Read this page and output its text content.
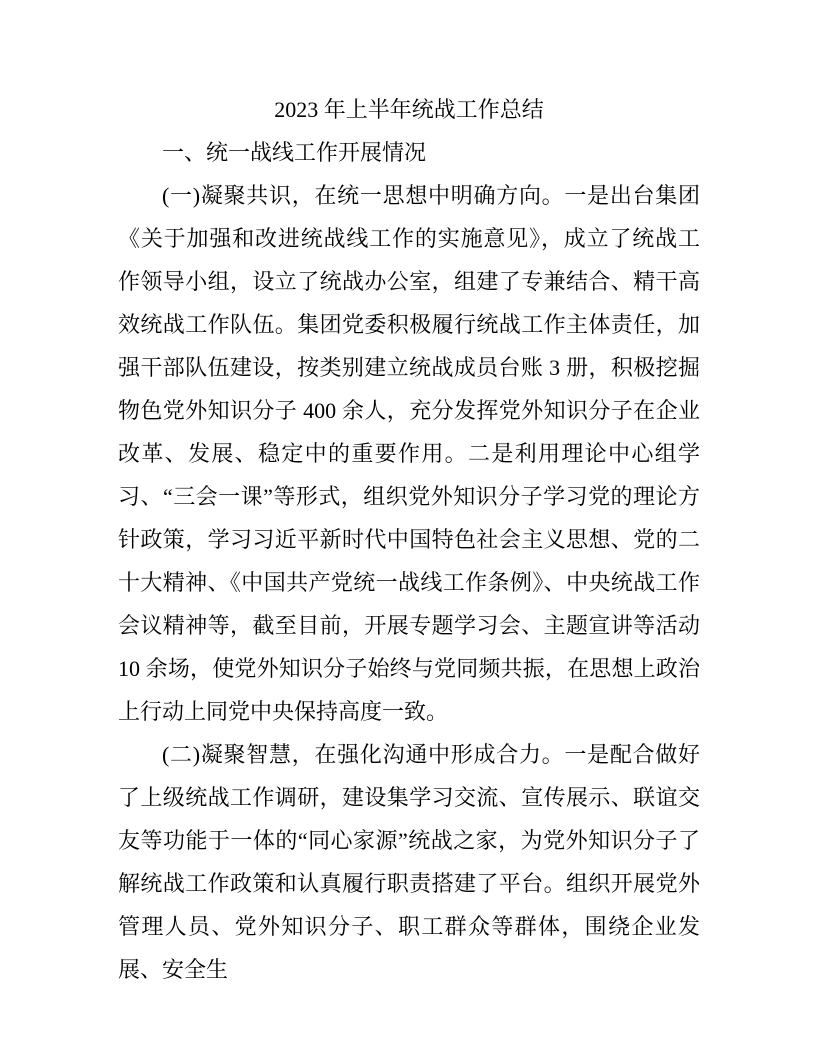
2023 年上半年统战工作总结
一、统一战线工作开展情况

(一)凝聚共识，在统一思想中明确方向。一是出台集团《关于加强和改进统战线工作的实施意见》，成立了统战工作领导小组，设立了统战办公室，组建了专兼结合、精干高效统战工作队伍。集团党委积极履行统战工作主体责任，加强干部队伍建设，按类别建立统战成员台账 3 册，积极挖掘物色党外知识分子 400 余人，充分发挥党外知识分子在企业改革、发展、稳定中的重要作用。二是利用理论中心组学习、“三会一课”等形式，组织党外知识分子学习党的理论方针政策，学习习近平新时代中国特色社会主义思想、党的二十大精神、《中国共产党统一战线工作条例》、中央统战工作会议精神等，截至目前，开展专题学习会、主题宣讲等活动 10 余场，使党外知识分子始终与党同频共振，在思想上政治上行动上同党中央保持高度一致。

(二)凝聚智慧，在强化沟通中形成合力。一是配合做好了上级统战工作调研，建设集学习交流、宣传展示、联谊交友等功能于一体的“同心家源”统战之家，为党外知识分子了解统战工作政策和认真履行职责搭建了平台。组织开展党外管理人员、党外知识分子、职工群众等群体，围绕企业发展、安全生
